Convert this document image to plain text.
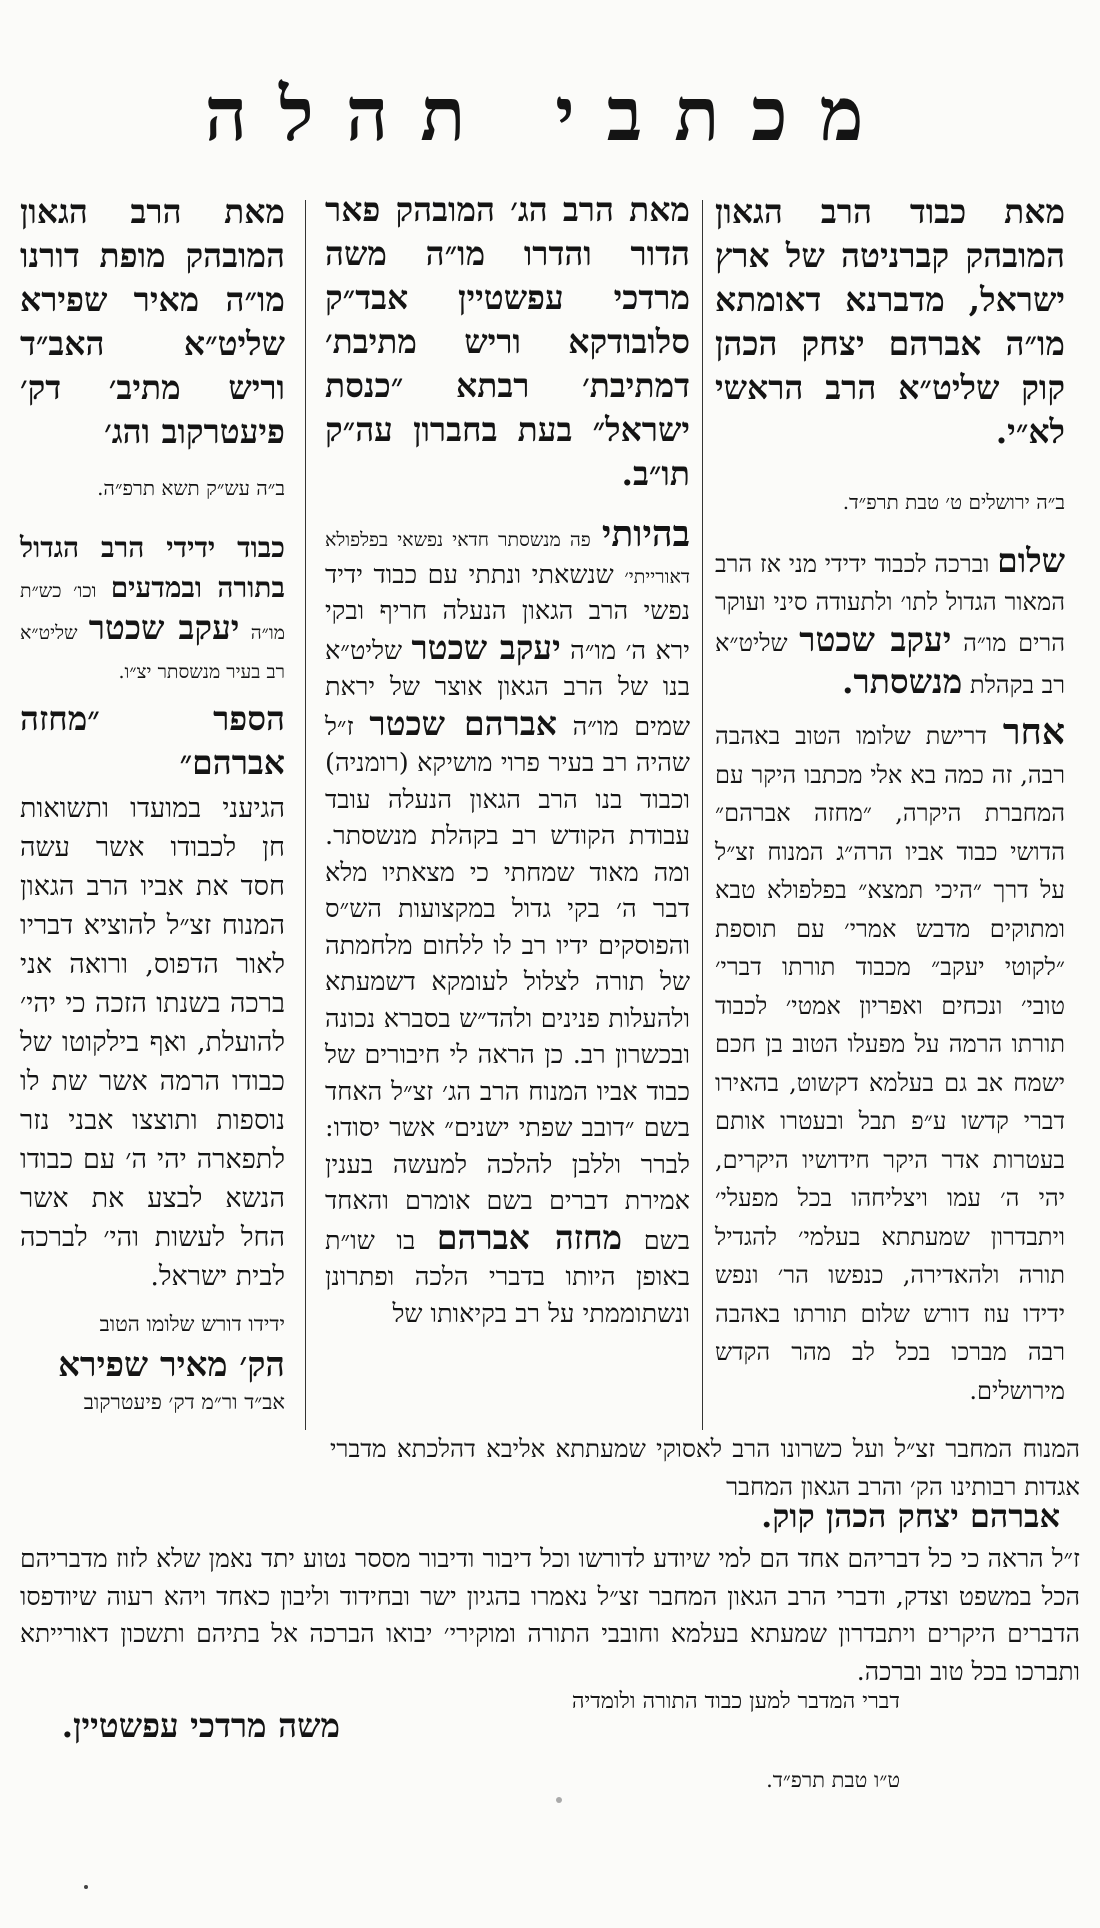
מכתבי תהלה
מאת כבוד הרב הגאון המובהק קברניטה של ארץ ישראל, מדברנא דאומתא מו״ה אברהם יצחק הכהן קוק שליט״א הרב הראשי לא״י.
ב״ה ירושלים ט׳ טבת תרפ״ד.

שלום וברכה לכבוד ידידי מני אז הרב המאור הגדול לתו׳ ולתעודה סיני ועוקר הרים מו״ה יעקב שכטר שליט״א רב בקהלת מנשסתר.

אחר דרישת שלומו הטוב באהבה רבה, זה כמה בא אלי מכתבו היקר עם המחברת היקרה, ״מחזה אברהם״ הדושי כבוד אביו הרה״ג המנוח זצ״ל על דרך ״היכי תמצא״ בפלפולא טבא ומתוקים מדבש אמרי׳ עם תוספת ״לקוטי יעקב״ מכבוד תורתו דברי׳ טובי׳ ונכחים ואפריון אמטי׳ לכבוד תורתו הרמה על מפעלו הטוב בן חכם ישמח אב גם בעלמא דקשוט, בהאירו דברי קדשו ע״פ תבל ובעטרו אותם בעטרות אדר היקר חידושיו היקרים, יהי ה׳ עמו ויצליחהו בכל מפעלי׳ ויתבדרון שמעתתא בעלמי׳ להגדיל תורה ולהאדירה, כנפשו הר׳ ונפש ידידו עוז דורש שלום תורתו באהבה רבה מברכו בכל לב מהר הקדש מירושלים.

מאת הרב הג׳ המובהק פאר הדור והדרו מו״ה משה מרדכי עפשטיין אבד״ק סלובודקא וריש מתיבת׳ דמתיבת׳ רבתא ״כנסת ישראל״ בעת בחברון עה״ק תו״ב.

בהיותי פה מנשסתר חדאי נפשאי בפלפולא דאורייתי׳ שנשאתי ונתתי עם כבוד ידיד נפשי הרב הגאון הנעלה חריף ובקי ירא ה׳ מו״ה יעקב שכטר שליט״א בנו של הרב הגאון אוצר של יראת שמים מו״ה אברהם שכטר ז״ל שהיה רב בעיר פרוי מושיקא (רומניה) וכבוד בנו הרב הגאון הנעלה עובד עבודת הקודש רב בקהלת מנשסתר. ומה מאוד שמחתי כי מצאתיו מלא דבר ה׳ בקי גדול במקצועות הש״ס והפוסקים ידיו רב לו ללחום מלחמתה של תורה לצלול לעומקא דשמעתא ולהעלות פנינים ולהד״ש בסברא נכונה ובכשרון רב. כן הראה לי חיבורים של כבוד אביו המנוח הרב הג׳ זצ״ל האחד בשם ״דובב שפתי ישנים״ אשר יסודו: לברר וללבן להלכה למעשה בענין אמירת דברים בשם אומרם והאחד בשם מחזה אברהם בו שו״ת באופן היותו בדברי הלכה ופתרונן ונשתוממתי על רב בקיאותו של

מאת הרב הגאון המובהק מופת דורנו מו״ה מאיר שפירא שליט״א האב״ד וריש מתיב׳ דק׳ פיעטרקוב והג׳
ב״ה עש״ק תשא תרפ״ה.

כבוד ידידי הרב הגדול בתורה ובמדעים וכו׳ כש״ת מו״ה יעקב שכטר שליט״א רב בעיר מנשסתר יצ״ו.

הספר ״מחזה אברהם״

הגיעני במועדו ותשואות חן לכבודו אשר עשה חסד את אביו הרב הגאון המנוח זצ״ל להוציא דבריו לאור הדפוס, ורואה אני ברכה בשנתו הזכה כי יהי׳ להועלת, ואף בילקוטו של כבודו הרמה אשר שת לו נוספות ותוצצו אבני נזר לתפארה יהי ה׳ עם כבודו הנשא לבצע את אשר החל לעשות והי׳ לברכה לבית ישראל.

ידידו דורש שלומו הטוב
הק׳ מאיר שפירא
אב״ד ור״מ דק׳ פיעטרקוב
המנוח המחבר זצ״ל ועל כשרונו הרב לאסוקי שמעתתא אליבא דהלכתא מדברי אגדות רבותינו הק׳ והרב הגאון המחבר
אברהם יצחק הכהן קוק.
ז״ל הראה כי כל דבריהם אחד הם למי שיודע לדורשו וכל דיבור ודיבור מססר נטוע יתד נאמן שלא לזוז מדבריהם הכל במשפט וצדק, ודברי הרב הגאון המחבר זצ״ל נאמרו בהגיון ישר ובחידוד וליבון כאחד ויהא רעוה שיודפסו הדברים היקרים ויתבדרון שמעתא בעלמא וחובבי התורה ומוקירי׳ יבואו הברכה אל בתיהם ותשכון דאורייתא ותברכו בכל טוב וברכה.
דברי המדבר למען כבוד התורה ולומדיה
משה מרדכי עפשטיין.
ט״ו טבת תרפ״ד.
